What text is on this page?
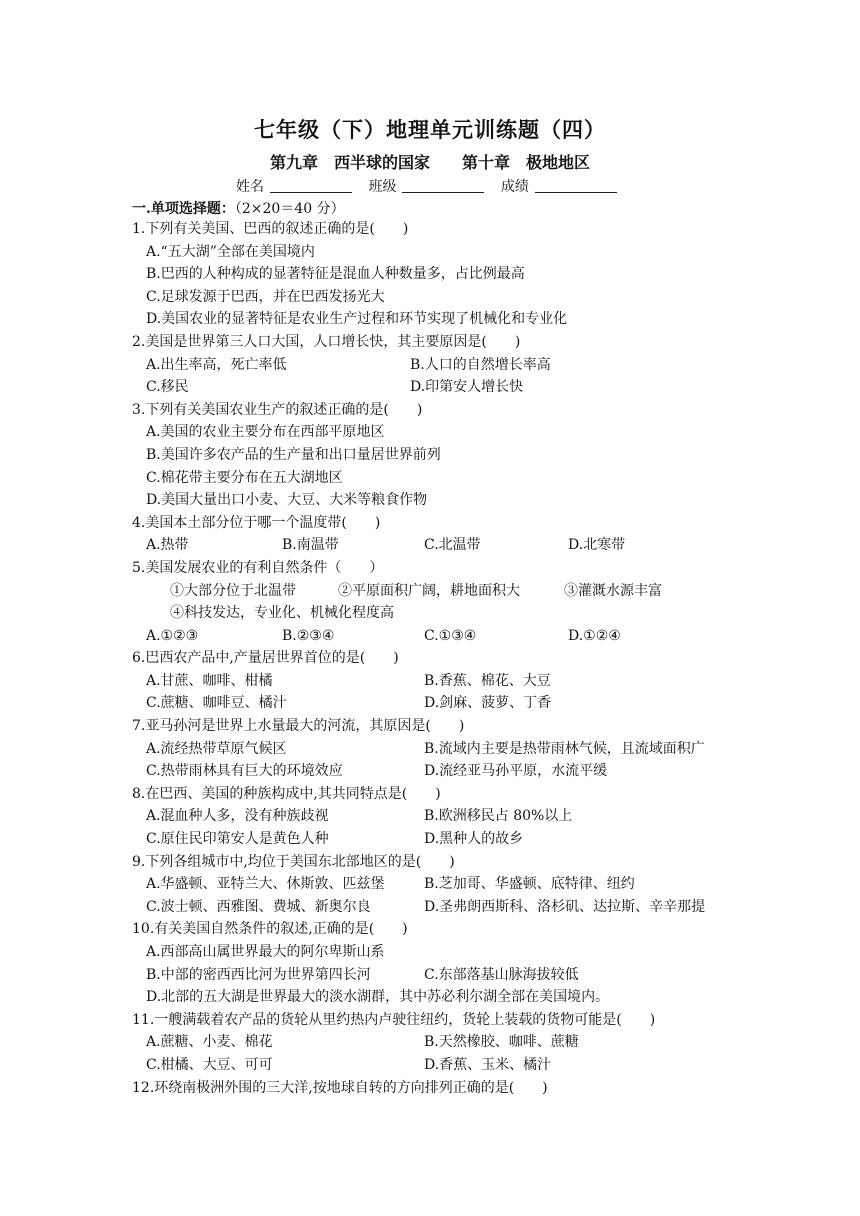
七年级（下）地理单元训练题（四）
第九章　西半球的国家　　第十章　极地地区
姓名	班级	成绩
一.单项选择题：（2×20＝40 分）
1.下列有关美国、巴西的叙述正确的是(　　)
A.“五大湖”全部在美国境内
B.巴西的人种构成的显著特征是混血人种数量多，占比例最高
C.足球发源于巴西，并在巴西发扬光大
D.美国农业的显著特征是农业生产过程和环节实现了机械化和专业化
2.美国是世界第三人口大国，人口增长快，其主要原因是(　　)
A.出生率高，死亡率低	B.人口的自然增长率高
C.移民	D.印第安人增长快
3.下列有关美国农业生产的叙述正确的是(　　)
A.美国的农业主要分布在西部平原地区
B.美国许多农产品的生产量和出口量居世界前列
C.棉花带主要分布在五大湖地区
D.美国大量出口小麦、大豆、大米等粮食作物
4.美国本土部分位于哪一个温度带(　　)
A.热带	B.南温带	C.北温带	D.北寒带
5.美国发展农业的有利自然条件（　　）
①大部分位于北温带	②平原面积广阔，耕地面积大	③灌溉水源丰富
④科技发达，专业化、机械化程度高
A.①②③	B.②③④	C.①③④	D.①②④
6.巴西农产品中,产量居世界首位的是(　　)
A.甘蔗、咖啡、柑橘	B.香蕉、棉花、大豆
C.蔗糖、咖啡豆、橘汁	D.剑麻、菠萝、丁香
7.亚马孙河是世界上水量最大的河流，其原因是(　　)
A.流经热带草原气候区	B.流域内主要是热带雨林气候，且流域面积广
C.热带雨林具有巨大的环境效应	D.流经亚马孙平原，水流平缓
8.在巴西、美国的种族构成中,其共同特点是(　　)
A.混血种人多，没有种族歧视	B.欧洲移民占 80%以上
C.原住民印第安人是黄色人种	D.黑种人的故乡
9.下列各组城市中,均位于美国东北部地区的是(　　)
A.华盛顿、亚特兰大、休斯敦、匹兹堡	B.芝加哥、华盛顿、底特律、纽约
C.波士顿、西雅图、费城、新奥尔良	D.圣弗朗西斯科、洛杉矶、达拉斯、辛辛那提
10.有关美国自然条件的叙述,正确的是(　　)
A.西部高山属世界最大的阿尔卑斯山系
B.中部的密西西比河为世界第四长河	C.东部落基山脉海拔较低
D.北部的五大湖是世界最大的淡水湖群，其中苏必利尔湖全部在美国境内。
11.一艘满载着农产品的货轮从里约热内卢驶往纽约，货轮上装载的货物可能是(　　)
A.蔗糖、小麦、棉花	B.天然橡胶、咖啡、蔗糖
C.柑橘、大豆、可可	D.香蕉、玉米、橘汁
12.环绕南极洲外围的三大洋,按地球自转的方向排列正确的是(　　)
